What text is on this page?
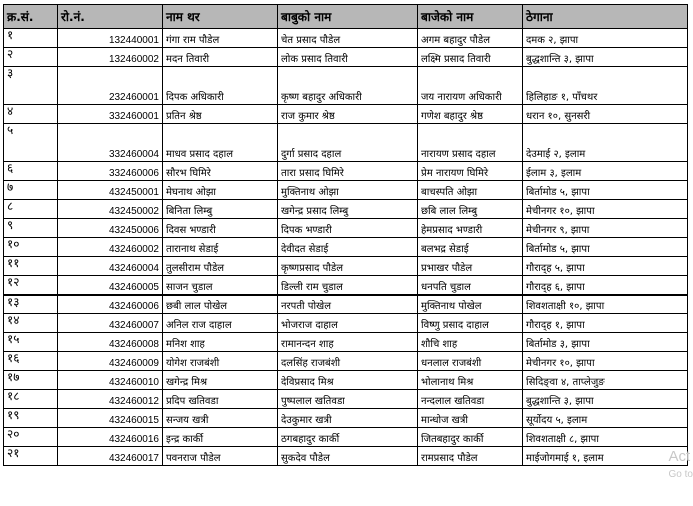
क्र.सं.	रो.नं.	नाम थर	बाबुको नाम	बाजेको नाम	ठेगाना
१	132440001	गंगा राम पौडेल	चेत प्रसाद पौडेल	अगम बहादुर पौडेल	दमक २, झापा
२	132460002	मदन तिवारी	लोक प्रसाद तिवारी	लक्ष्मि प्रसाद तिवारी	बुद्धशान्ति ३, झापा
३	232460001	दिपक अधिकारी	कृष्ण बहादुर अधिकारी	जय नारायण अधिकारी	हिलिहाङ १, पाँचथर
४	332460001	प्रतिन श्रेष्ठ	राज कुमार श्रेष्ठ	गणेश बहादुर श्रेष्ठ	धरान १०, सुनसरी
५	332460004	माधव प्रसाद दहाल	दुर्गा प्रसाद दहाल	नारायण प्रसाद दहाल	देउमाई २, इलाम
६	332460006	सौरभ घिमिरे	तारा प्रसाद घिमिरे	प्रेम नारायण घिमिरे	ईलाम ३, इलाम
७	432450001	मेघनाथ ओझा	मुक्तिनाथ ओझा	बाचस्पति ओझा	बिर्तामोड ५, झापा
८	432450002	बिनिता लिम्बु	खगेन्द्र प्रसाद लिम्बु	छबि लाल लिम्बु	मेचीनगर १०, झापा
९	432450006	दिवस भण्डारी	दिपक भण्डारी	हेमप्रसाद भण्डारी	मेचीनगर ९, झापा
१०	432460002	तारानाथ सेडाई	देवीदत सेडाई	बलभद्र सेडाई	बिर्तामोड ५, झापा
११	432460004	तुलसीराम पौडेल	कृष्णप्रसाद पौडेल	प्रभाखर पौडेल	गौराद्ह ५, झापा
१२	432460005	साजन चुडाल	डिल्ली राम चुडाल	धनपति चुडाल	गौराद्ह ६, झापा
१३	432460006	छबी लाल पोखेल	नरपती पोखेल	मुक्तिनाथ पोखेल	शिवशताक्षी १०, झापा
१४	432460007	अनिल राज दाहाल	भोजराज दाहाल	विष्णु प्रसाद दाहाल	गौराद्ह १, झापा
१५	432460008	मनिश शाह	रामानन्दन शाह	शौचि शाह	बिर्तामोड ३, झापा
१६	432460009	योगेश राजबंशी	दलसिंह राजबंशी	धनलाल राजबंशी	मेचीनगर १०, झापा
१७	432460010	खगेन्द्र मिश्र	देविप्रसाद मिश्र	भोलानाथ मिश्र	सिदिङ्वा ४, ताप्लेजुङ
१८	432460012	प्रदिप खतिवडा	पुष्पलाल खतिवडा	नन्दलाल खतिवडा	बुद्धशान्ति ३, झापा
१९	432460015	सन्जय खत्री	देउकुमार खत्री	मान्धोज खत्री	सूर्योदय ५, इलाम
२०	432460016	इन्द्र कार्की	ठगबहादुर कार्की	जितबहादुर कार्की	शिवशताक्षी ८, झापा
२१	432460017	पवनराज पौडेल	सुकदेव पौडेल	रामप्रसाद पौडेल	माईजोगमाई १, इलाम	Act
Go to
